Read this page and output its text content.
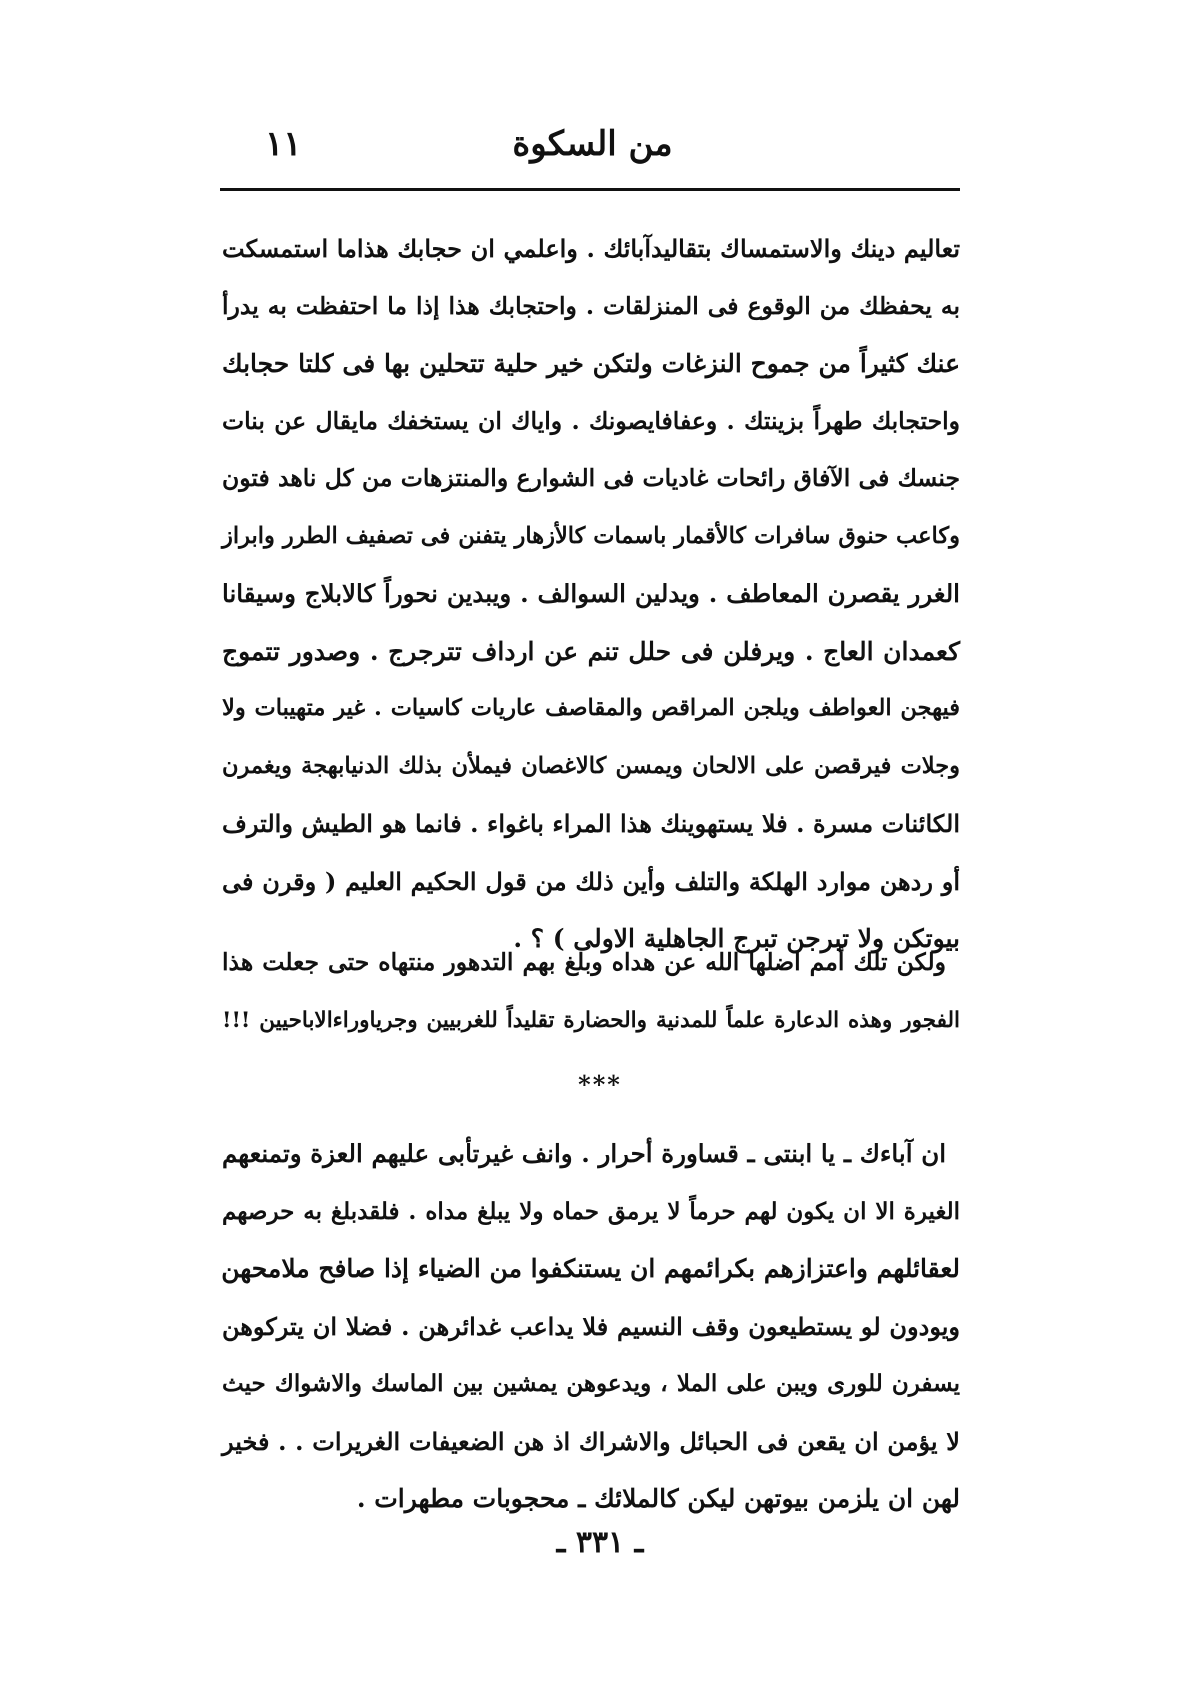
من السكوة
١١
تعاليم دينك والاستمساك بتقاليدآبائك . واعلمي ان حجابك هذاما استمسكت
به يحفظك من الوقوع فى المنزلقات . واحتجابك هذا إذا ما احتفظت به يدرأ
عنك كثيراً من جموح النزغات ولتكن خير حلية تتحلين بها فى كلتا حجابك
واحتجابك طهراً بزينتك . وعفافايصونك . واياك ان يستخفك مايقال عن بنات
جنسك فى الآفاق رائحات غاديات فى الشوارع والمنتزهات من كل ناهد فتون
وكاعب حنوق سافرات كالأقمار باسمات كالأزهار يتفنن فى تصفيف الطرر وابراز
الغرر يقصرن المعاطف . ويدلين السوالف . ويبدين نحوراً كالابلاج وسيقانا
كعمدان العاج . ويرفلن فى حلل تنم عن ارداف تترجرج . وصدور تتموج
فيهجن العواطف ويلجن المراقص والمقاصف عاريات كاسيات . غير متهيبات ولا
وجلات فيرقصن على الالحان ويمسن كالاغصان فيملأن بذلك الدنيابهجة ويغمرن
الكائنات مسرة . فلا يستهوينك هذا المراء باغواء . فانما هو الطيش والترف
أو ردهن موارد الهلكة والتلف وأين ذلك من قول الحكيم العليم ( وقرن فى
بيوتكن ولا تبرجن تبرج الجاهلية الاولى ) ؟ .
ولكن تلك أمم اضلها الله عن هداه وبلغ بهم التدهور منتهاه حتى جعلت هذا
الفجور وهذه الدعارة علماً للمدنية والحضارة تقليداً للغربيين وجرياوراءالاباحيين !!!
***
ان آباءك ـ يا ابنتى ـ قساورة أحرار . وانف غيرتأبى عليهم العزة وتمنعهم
الغيرة الا ان يكون لهم حرماً لا يرمق حماه ولا يبلغ مداه . فلقدبلغ به حرصهم
لعقائلهم واعتزازهم بكرائمهم ان يستنكفوا من الضياء إذا صافح ملامحهن
ويودون لو يستطيعون وقف النسيم فلا يداعب غدائرهن . فضلا ان يتركوهن
يسفرن للورى ويبن على الملا ، ويدعوهن يمشين بين الماسك والاشواك حيث
لا يؤمن ان يقعن فى الحبائل والاشراك اذ هن الضعيفات الغريرات . . فخير
لهن ان يلزمن بيوتهن ليكن كالملائك ـ محجوبات مطهرات .
ـ ٣٣١ ـ
